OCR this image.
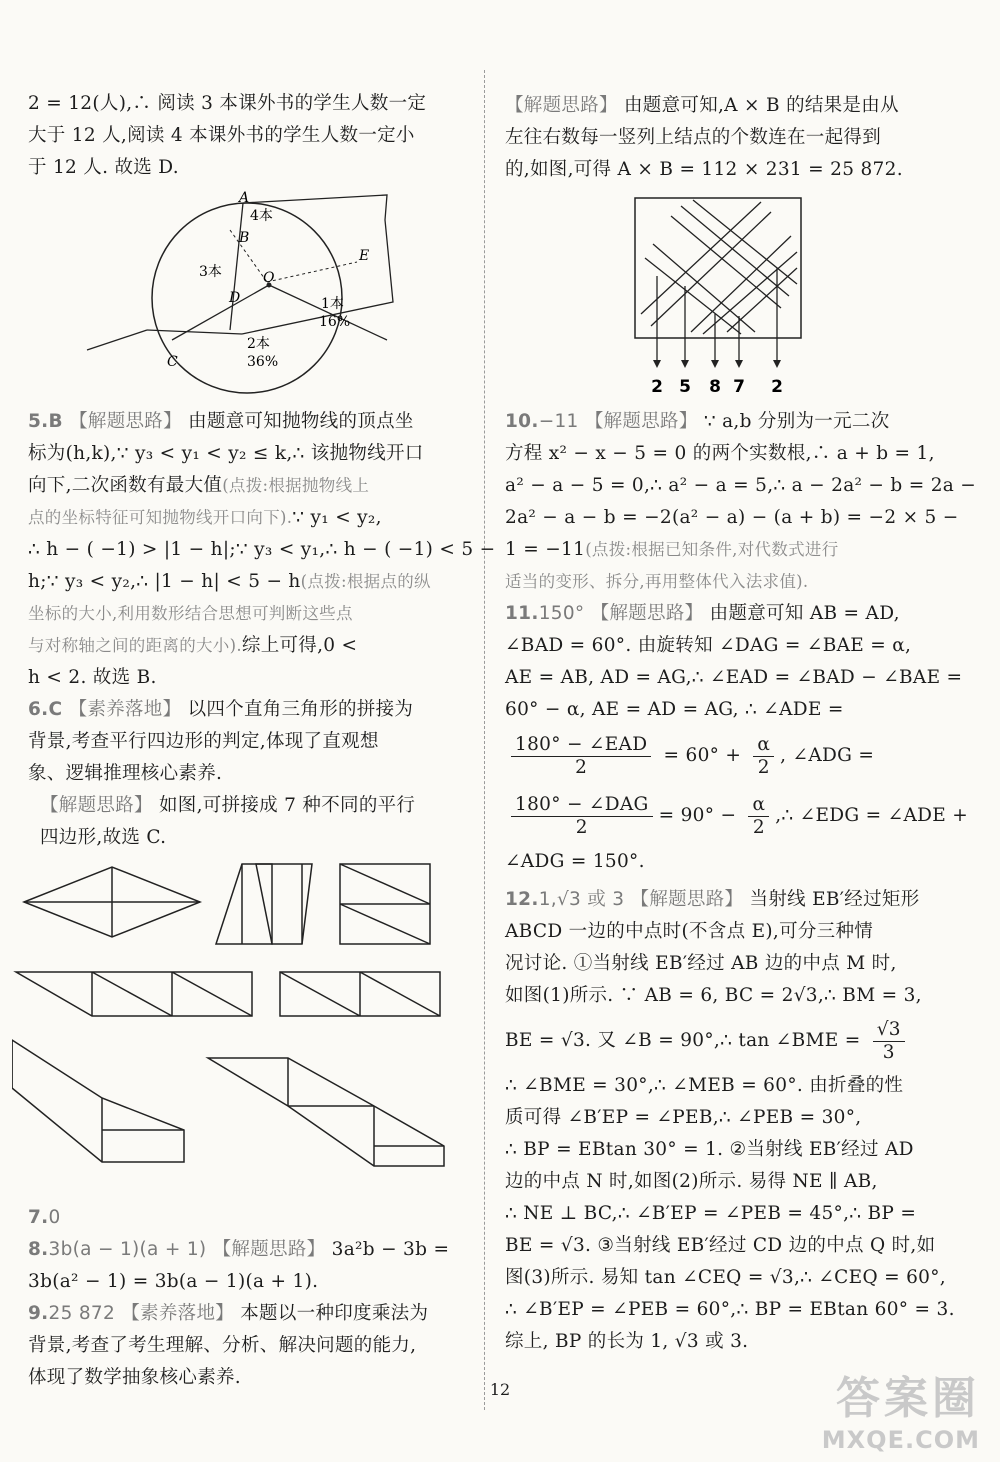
2 = 12(人),∴ 阅读 3 本课外书的学生人数一定
大于 12 人,阅读 4 本课外书的学生人数一定小
于 12 人. 故选 D.
A
B
C
D
E
O
4本
3本
1本
16%
2本
36%
5.B 【解题思路】 由题意可知抛物线的顶点坐
标为(h,k),∵ y₃ < y₁ < y₂ ≤ k,∴ 该抛物线开口
向下,二次函数有最大值(点拨:根据抛物线上
点的坐标特征可知抛物线开口向下).∵ y₁ < y₂,
∴ h − ( −1) > |1 − h|;∵ y₃ < y₁,∴ h − ( −1) < 5 −
h;∵ y₃ < y₂,∴ |1 − h| < 5 − h(点拨:根据点的纵
坐标的大小,利用数形结合思想可判断这些点
与对称轴之间的距离的大小).综上可得,0 <
h < 2. 故选 B.
6.C 【素养落地】 以四个直角三角形的拼接为
背景,考查平行四边形的判定,体现了直观想
象、逻辑推理核心素养.
【解题思路】 如图,可拼接成 7 种不同的平行
四边形,故选 C.
7.0
8.3b(a − 1)(a + 1) 【解题思路】 3a²b − 3b =
3b(a² − 1) = 3b(a − 1)(a + 1).
9.25 872 【素养落地】 本题以一种印度乘法为
背景,考查了考生理解、分析、解决问题的能力,
体现了数学抽象核心素养.
【解题思路】 由题意可知,A × B 的结果是由从
左往右数每一竖列上结点的个数连在一起得到
的,如图,可得 A × B = 112 × 231 = 25 872.
2 5 8 7 2
10.−11 【解题思路】 ∵ a,b 分别为一元二次
方程 x² − x − 5 = 0 的两个实数根,∴ a + b = 1,
a² − a − 5 = 0,∴ a² − a = 5,∴ a − 2a² − b = 2a −
2a² − a − b = −2(a² − a) − (a + b) = −2 × 5 −
1 = −11(点拨:根据已知条件,对代数式进行
适当的变形、拆分,再用整体代入法求值).
11.150° 【解题思路】 由题意可知 AB = AD,
∠BAD = 60°. 由旋转知 ∠DAG = ∠BAE = α,
AE = AB, AD = AG,∴ ∠EAD = ∠BAD − ∠BAE =
60° − α, AE = AD = AG, ∴ ∠ADE =
$\frac{\text{180° − ∠EAD}}{2} = 60^\circ + \frac{\alpha}{2}$ , ∠ADG =
$\frac{\text{180° − ∠DAG}}{2} = 90^\circ - \frac{\alpha}{2}$ ,∴ ∠EDG = ∠ADE +
∠ADG = 150°.
12.1,√3 或 3 【解题思路】 当射线 EB′经过矩形
ABCD 一边的中点时(不含点 E),可分三种情
况讨论. ①当射线 EB′经过 AB 边的中点 M 时,
如图(1)所示. ∵ AB = 6, BC = 2√3,∴ BM = 3,
BE = √3. 又 ∠B = 90°,∴ tan ∠BME = $\frac{√3}{3}$
∴ ∠BME = 30°,∴ ∠MEB = 60°. 由折叠的性
质可得 ∠B′EP = ∠PEB,∴ ∠PEB = 30°,
∴ BP = EBtan 30° = 1. ②当射线 EB′经过 AD
边的中点 N 时,如图(2)所示. 易得 NE ∥ AB,
∴ NE ⊥ BC,∴ ∠B′EP = ∠PEB = 45°,∴ BP =
BE = √3. ③当射线 EB′经过 CD 边的中点 Q 时,如
图(3)所示. 易知 tan ∠CEQ = √3,∴ ∠CEQ = 60°,
∴ ∠B′EP = ∠PEB = 60°,∴ BP = EBtan 60° = 3.
综上, BP 的长为 1, √3 或 3.
12	答案圈
MXQE.COM
